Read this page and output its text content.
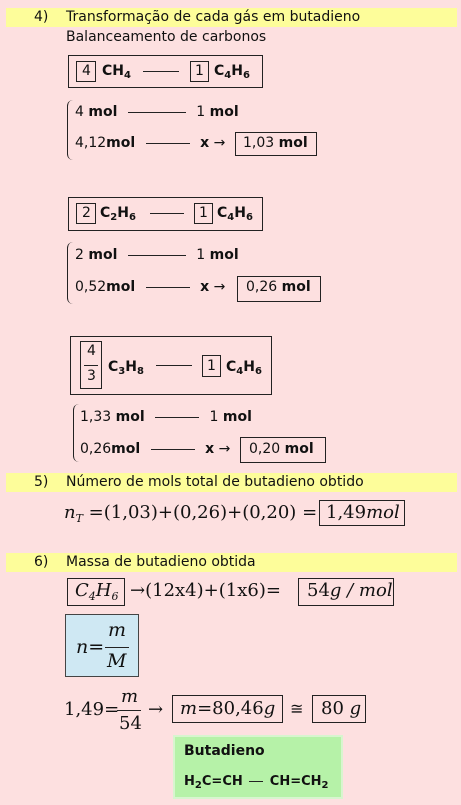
4) Transformação de cada gás em butadieno
Balanceamento de carbonos
4 $CH_4$	1 $C_4H_6$
4 mol	1 mol
4,12mol	x → 1,03 mol
2 $C_2H_6$	1 $C_4H_6$
2 mol	1 mol
0,52mol	x → 0,26 mol
4
3
$C_3H_8$	1 $C_4H_6$
1,33 mol	1 mol
0,26mol	x → 0,20 mol
5) Número de mols total de butadieno obtido
$n_T =(1,03)+(0,26)+(0,20) = 1,49mol$
6) Massa de butadieno obtida
$C_4H_6 \to(12x4)+(1x6)= 54g$ / mol
n=
m
M
1,49=
m
54
→ m=80,46g ≅ 80 g
Butadieno
$H_2C=CH$ $CH=CH_2$
